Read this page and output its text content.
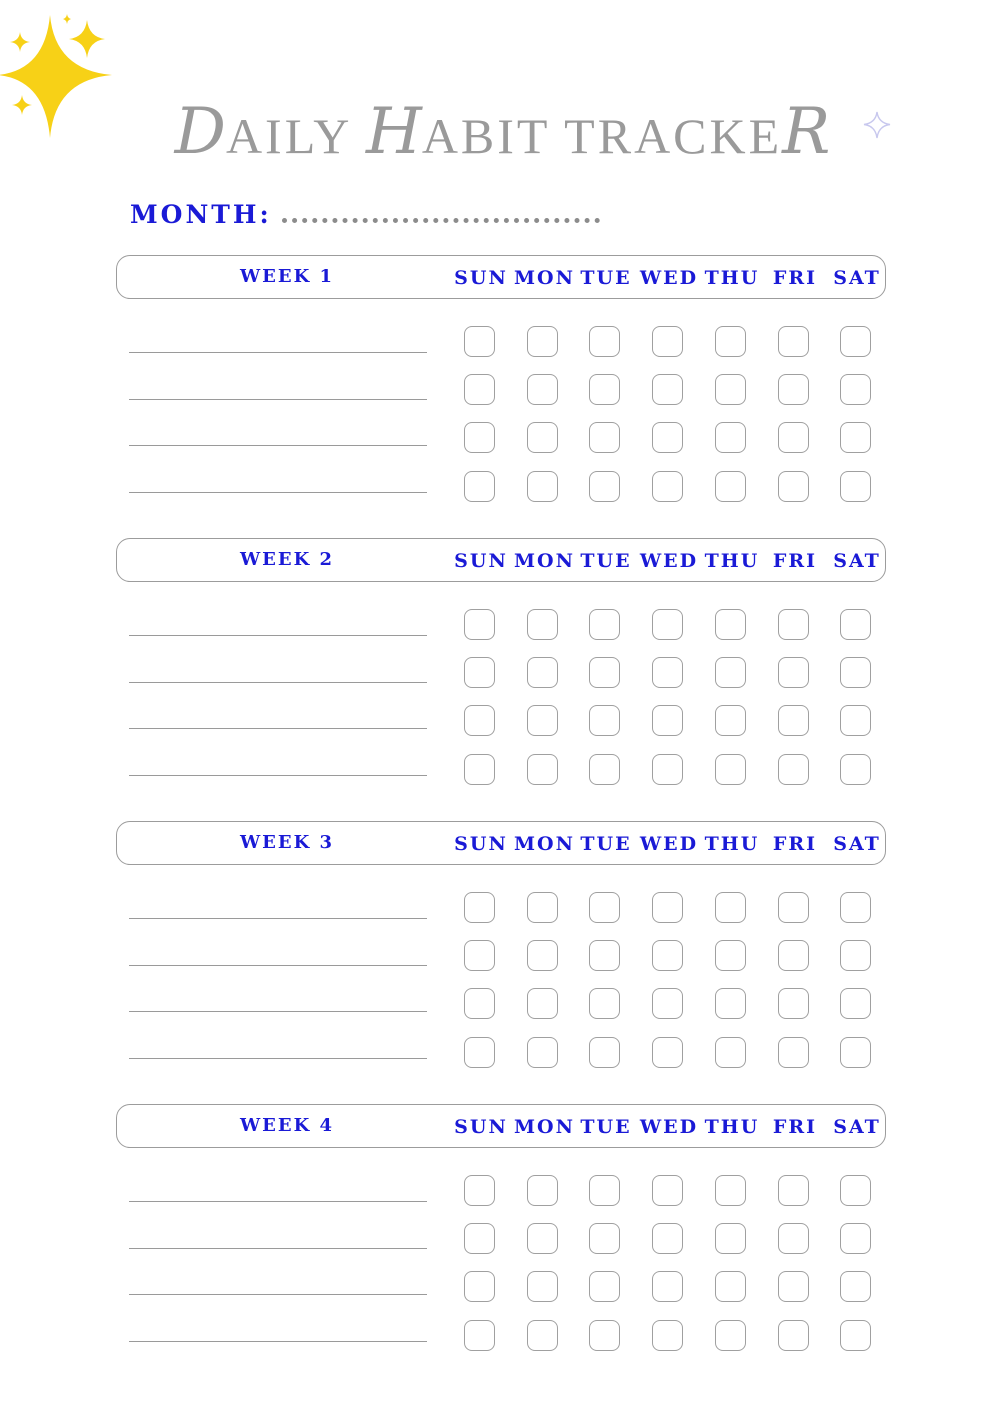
DAILY HABIT TRACKER
MONTH:
WEEK 1	SUN MON TUE WED THU FRI SAT
WEEK 2	SUN MON TUE WED THU FRI SAT
WEEK 3	SUN MON TUE WED THU FRI SAT
WEEK 4	SUN MON TUE WED THU FRI SAT
